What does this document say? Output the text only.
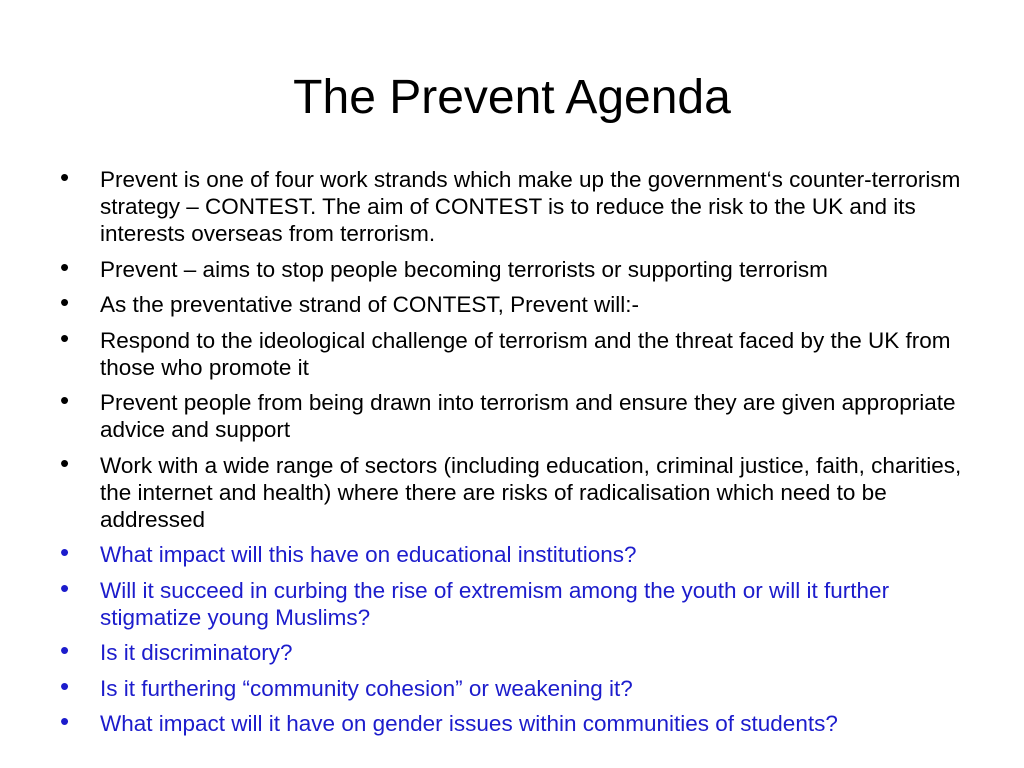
The Prevent Agenda
• Prevent is one of four work strands which make up the government‘s counter-terrorism strategy – CONTEST. The aim of CONTEST is to reduce the risk to the UK and its interests overseas from terrorism.
• Prevent – aims to stop people becoming terrorists or supporting terrorism
• As the preventative strand of CONTEST, Prevent will:-
• Respond to the ideological challenge of terrorism and the threat faced by the UK from those who promote it
• Prevent people from being drawn into terrorism and ensure they are given appropriate advice and support
• Work with a wide range of sectors (including education, criminal justice, faith, charities, the internet and health) where there are risks of radicalisation which need to be addressed
• What impact will this have on educational institutions?
• Will it succeed in curbing the rise of extremism among the youth or will it further stigmatize young Muslims?
• Is it discriminatory?
• Is it furthering “community cohesion” or weakening it?
• What impact will it have on gender issues within communities of students?
